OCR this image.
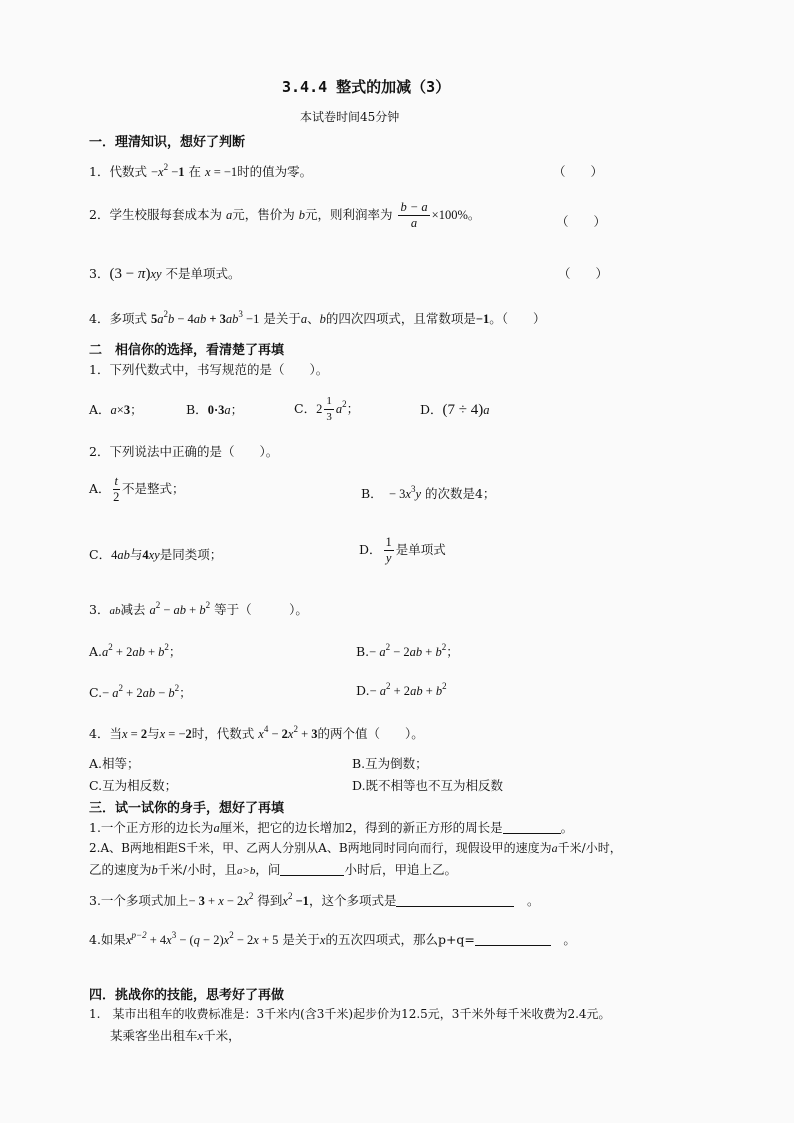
3.4.4 整式的加减（3）
本试卷时间45分钟
一．理清知识，想好了判断
1．代数式 $-x^2 -1$ 在 x = −1时的值为零。	（　　）
2．学生校服每套成本为 a元，售价为 b元，则利润率为 $\frac{b - a}{a} \times 100\%$。	（　　）
3．(3 − π)xy 不是单项式。	（　　）
4．多项式 $5a^2b - 4ab + 3ab^3 -1$ 是关于a、b的四次四项式，且常数项是−1。（　　）
二　相信你的选择，看清楚了再填
1．下列代数式中，书写规范的是（　　）。
A．a×3；	B．0·3a；	C．$2 \frac{1}{3} a^2$；	D．(7 ÷ 4)a
2．下列说法中正确的是（　　）。
A． $\frac{t}{2}$ 不是整式；	B．　− $3x^3y$ 的次数是4；
C．4ab与4xy是同类项；	D． $\frac{1}{y}$ 是单项式
3．ab减去 $a^2$ − ab + $b^2$ 等于（　　　）。
$A.a^2 + 2ab + b^2$；	$B.- a^2 - 2ab + b^2$；
$C.- a^2 + 2ab - b^2$；	$D.- a^2 + 2ab + b^2$
4．当x = 2与x = −2时，代数式 $x^4 - 2x^2 + 3$的两个值（　　）。
A.相等；	B.互为倒数；
C.互为相反数；	D.既不相等也不互为相反数
三．试一试你的身手，想好了再填
1.一个正方形的边长为a厘米，把它的边长增加2，得到的新正方形的周长是	。
2.A、B两地相距S千米，甲、乙两人分别从A、B两地同时同向而行，现假设甲的速度为a千米/小时，
乙的速度为b千米/小时，且a>b，问	小时后，甲追上乙。
3.一个多项式加上− $3 + x - 2x^2$ 得到$x^2 -1$，这个多项式是　	。
4.如果$x^{p-2} + 4x^3 - (q - 2)x^2 - 2x + 5$ 是关于x的五次四项式，那么p+q=　	。
四．挑战你的技能，思考好了再做
1.　某市出租车的收费标准是：3千米内(含3千米)起步价为12.5元，3千米外每千米收费为2.4元。
某乘客坐出租车x千米，
